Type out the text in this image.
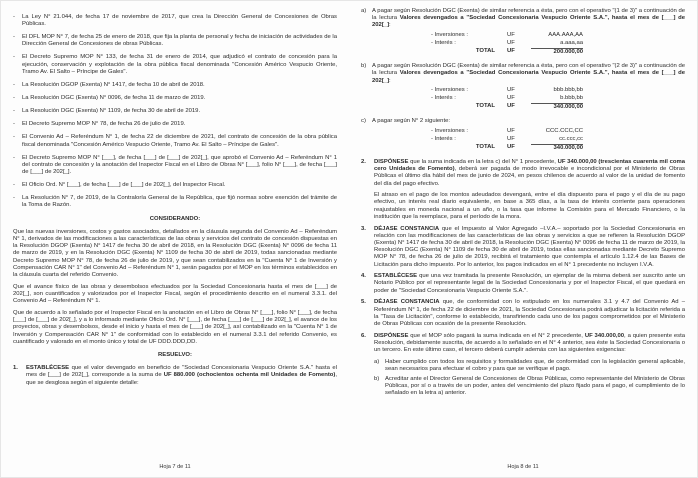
-	La Ley N° 21.044, de fecha 17 de noviembre de 2017, que crea la Dirección General de Concesiones de Obras Públicas.

-	El DFL MOP N° 7, de fecha 25 de enero de 2018, que fija la planta de personal y fecha de iniciación de actividades de la Dirección General de Concesiones de obras Públicas.

-	El Decreto Supremo MOP N° 133, de fecha 31 de enero de 2014, que adjudicó el contrato de concesión para la ejecución, conservación y explotación de la obra pública fiscal denominada "Concesión Américo Vespucio Oriente, Tramo Av. El Salto – Príncipe de Gales".

-	La Resolución DGOP (Exenta) N° 1417, de fecha 10 de abril de 2018.

-	La Resolución DGC (Exenta) N° 0096, de fecha 11 de marzo de 2019.

-	La Resolución DGC (Exenta) N° 1109, de fecha 30 de abril de 2019.

-	El Decreto Supremo MOP N° 78, de fecha 26 de julio de 2019.

-	El Convenio Ad – Referéndum N° 1, de fecha 22 de diciembre de 2021, del contrato de concesión de la obra pública fiscal denominada "Concesión Américo Vespucio Oriente, Tramo Av. El Salto – Príncipe de Gales".

-	El Decreto Supremo MOP N° [___], de fecha [___] de [___] de 202[_], que aprobó el Convenio Ad – Referéndum N° 1 del contrato de concesión y la anotación del Inspector Fiscal en el Libro de Obras N° [___], folio N° [___], de fecha [___] de [___] de 202[_].

-	El Oficio Ord. N° [___], de fecha [___] de [___] de 202[_], del Inspector Fiscal.

-	La Resolución N° 7, de 2019, de la Contraloría General de la República, que fijó normas sobre exención del trámite de la Toma de Razón.

CONSIDERANDO:

Que las nuevas inversiones, costos y gastos asociados, detallados en la cláusula segunda del Convenio Ad – Referéndum N° 1, derivados de las modificaciones a las características de las obras y servicios del contrato de concesión dispuestas en la Resolución DGOP (Exenta) N° 1417 de fecha 30 de abril de 2018, en la Resolución DGC (Exenta) N° 0096 de fecha 11 de marzo de 2019, y en la Resolución DGC (Exenta) N° 1109 de fecha 30 de abril de 2019, todas sancionadas mediante Decreto Supremo MOP N° 78, de fecha 26 de julio de 2019, y que sean contabilizados en la "Cuenta N° 1 de Inversión y Compensación CAR N° 1" del Convenio Ad – Referéndum N° 1, serán pagados por el MOP en los términos establecidos en la cláusula cuarta del referido Convenio.

Que el avance físico de las obras y desembolsos efectuados por la Sociedad Concesionaria hasta el mes de [___] de 202[_], son cuantificados y valorizados por el Inspector Fiscal, según el procedimiento descrito en el numeral 3.3.1. del Convenio Ad – Referéndum N° 1.

Que de acuerdo a lo señalado por el Inspector Fiscal en la anotación en el Libro de Obras N° [___], folio N° [___], de fecha [___] de [___] de 202[_], y a lo informado mediante Oficio Ord. N° [___], de fecha [___] de [___] de 202[_], el avance de los proyectos, obras y desembolsos, desde el inicio y hasta el mes de [___] de 202[_], así contabilizado en la "Cuenta N° 1 de Inversión y Compensación CAR N° 1" de conformidad con lo establecido en el numeral 3.3.1 del referido Convenio, es cuantificado y valorado en el monto único y total de UF DDD.DDD,DD.

RESUELVO:
1.	ESTABLÉCESE que el valor devengado en beneficio de "Sociedad Concesionaria Vespucio Oriente S.A." hasta el mes de [___] de 202[_], corresponde a la suma de UF 880.000 (ochocientos ochenta mil Unidades de Fomento), que se desglosa según el siguiente detalle:
Hoja 7 de 11
a) A pagar según Resolución DGC (Exenta) de similar referencia a ésta, pero con el operativo "(1 de 3)" a continuación de la lectura Valores devengados a "Sociedad Concesionaria Vespucio Oriente S.A.", hasta el mes de [___] de 202[_]:
- Inversiones :	UF	AAA.AAA,AA
- Interés :	UF	a.aaa,aa
TOTAL	UF	200.000,00
b) A pagar según Resolución DGC (Exenta) de similar referencia a ésta, pero con el operativo "(2 de 3)" a continuación de la lectura Valores devengados a "Sociedad Concesionaria Vespucio Oriente S.A.", hasta el mes de [___] de 202[_]:
- Inversiones :	UF	bbb.bbb,bb
- Interés :	UF	b.bbb,bb
TOTAL	UF	340.000,00
c)	A pagar según N° 2 siguiente:
- Inversiones :	UF	CCC.CCC,CC
- Interés :	UF	cc.ccc,cc
TOTAL	UF	340.000,00
2.	DISPÓNESE que la suma indicada en la letra c) del N° 1 precedente, UF 340.000,00 (trescientas cuarenta mil coma cero Unidades de Fomento), deberá ser pagada de modo irrevocable e incondicional por el Ministerio de Obras Públicas el último día hábil del mes de junio de 2024, en pesos chilenos de acuerdo al valor de la unidad de fomento del día del pago efectivo.

El atraso en el pago de los montos adeudados devengará, entre el día dispuesto para el pago y el día de su pago efectivo, un interés real diario equivalente, en base a 365 días, a la tasa de interés corriente para operaciones reajustables en moneda nacional a un año, o la tasa que informe la Comisión para el Mercado Financiero, o la institución que la reemplace, para el período de la mora.

3.	DÉJASE CONSTANCIA que el Impuesto al Valor Agregado –I.V.A.– soportado por la Sociedad Concesionaria en relación con las modificaciones de las características de las obras y servicios a que se refieren la Resolución DGOP (Exenta) N° 1417 de fecha 30 de abril de 2018, la Resolución DGC (Exenta) N° 0096 de fecha 11 de marzo de 2019, la Resolución DGC (Exenta) N° 1109 de fecha 30 de abril de 2019, todas ellas sancionadas mediante Decreto Supremo MOP N° 78, de fecha 26 de julio de 2019, recibirá el tratamiento que contempla el artículo 1.12.4 de las Bases de Licitación para dicho impuesto. Por lo anterior, los pagos indicados en el N° 1 precedente no incluyen I.V.A.
4.	ESTABLÉCESE que una vez tramitada la presente Resolución, un ejemplar de la misma deberá ser suscrito ante un Notario Público por el representante legal de la Sociedad Concesionaria y por el Inspector Fiscal, el que quedará en poder de "Sociedad Concesionaria Vespucio Oriente S.A.".
5.	DÉJASE CONSTANCIA que, de conformidad con lo estipulado en los numerales 3.1 y 4.7 del Convenio Ad – Referéndum N° 1, de fecha 22 de diciembre de 2021, la Sociedad Concesionaria podrá adjudicar la licitación referida a la "Tasa de Licitación", conforme lo establecido, transfiriendo cada uno de los pagos comprometidos por el Ministerio de Obras Públicas con ocasión de la presente Resolución.
6.	DISPÓNESE que el MOP sólo pagará la suma indicada en el N° 2 precedente, UF 340.000,00, a quien presente esta Resolución, debidamente suscrita, de acuerdo a lo señalado en el N° 4 anterior, sea éste la Sociedad Concesionaria o un tercero. En este último caso, el tercero deberá cumplir además con las siguientes exigencias:
a) Haber cumplido con todos los requisitos y formalidades que, de conformidad con la legislación general aplicable, sean necesarios para efectuar el cobro y para que se verifique el pago.
b) Acreditar ante el Director General de Concesiones de Obras Públicas, como representante del Ministerio de Obras Públicas, por sí o a través de un poder, antes del vencimiento del plazo fijado para el pago, el cumplimiento de lo señalado en la letra a) anterior.
Hoja 8 de 11
